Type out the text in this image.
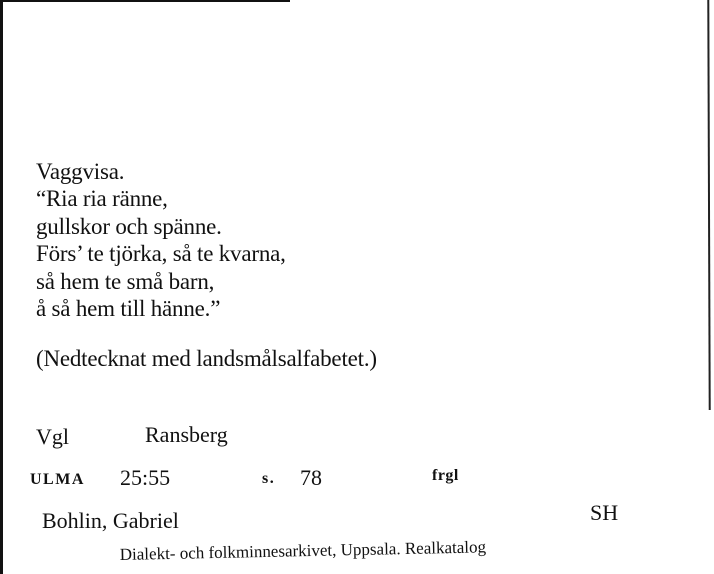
Vaggvisa.
“Ria ria ränne,
gullskor och spänne.
Förs’ te tjörka, så te kvarna,
så hem te små barn,
å så hem till hänne.”
(Nedtecknat med landsmålsalfabetet.)
Vgl	Ransberg
ULMA 25:55	s. 78	frgl
Bohlin, Gabriel	SH
Dialekt- och folkminnesarkivet, Uppsala. Realkatalog
